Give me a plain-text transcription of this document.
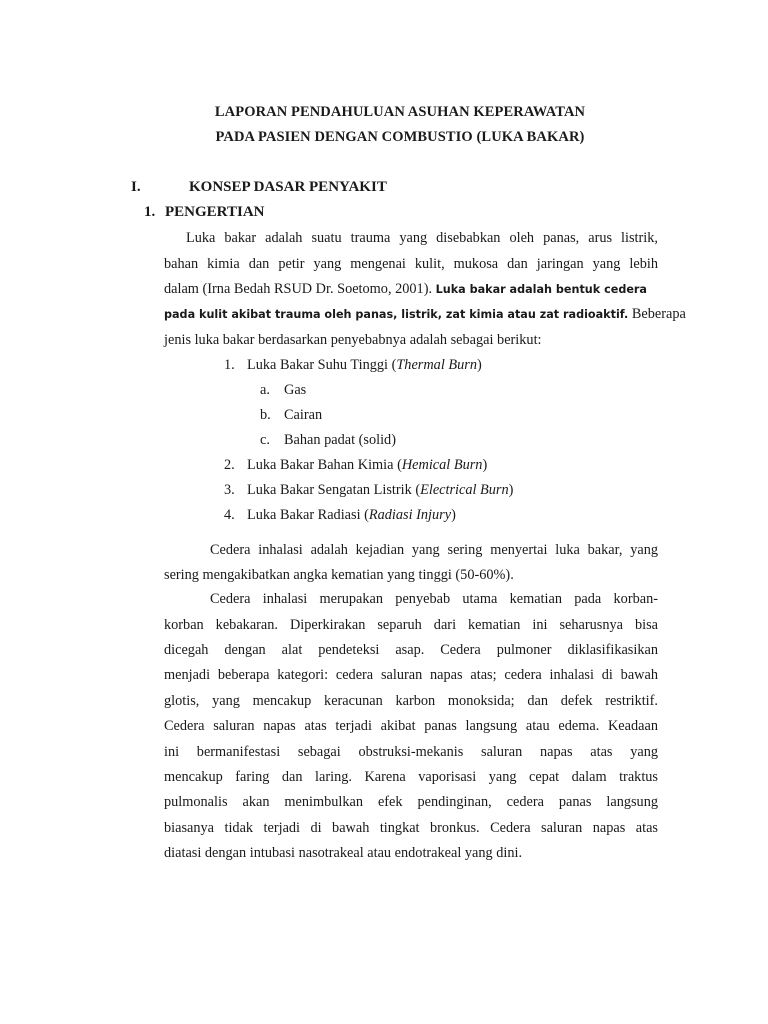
LAPORAN PENDAHULUAN ASUHAN KEPERAWATAN
PADA PASIEN DENGAN COMBUSTIO (LUKA BAKAR)
I.	KONSEP DASAR PENYAKIT
1. PENGERTIAN
Luka bakar adalah suatu trauma yang disebabkan oleh panas, arus listrik,
bahan kimia dan petir yang mengenai kulit, mukosa dan jaringan yang lebih
dalam (Irna Bedah RSUD Dr. Soetomo, 2001). Luka bakar adalah bentuk cedera
pada kulit akibat trauma oleh panas, listrik, zat kimia atau zat radioaktif. Beberapa
jenis luka bakar berdasarkan penyebabnya adalah sebagai berikut:
1. Luka Bakar Suhu Tinggi (Thermal Burn)
a. Gas
b. Cairan
c. Bahan padat (solid)
2. Luka Bakar Bahan Kimia (Hemical Burn)
3. Luka Bakar Sengatan Listrik (Electrical Burn)
4. Luka Bakar Radiasi (Radiasi Injury)
Cedera inhalasi adalah kejadian yang sering menyertai luka bakar, yang
sering mengakibatkan angka kematian yang tinggi (50-60%).
Cedera inhalasi merupakan penyebab utama kematian pada korban-
korban kebakaran. Diperkirakan separuh dari kematian ini seharusnya bisa
dicegah dengan alat pendeteksi asap. Cedera pulmoner diklasifikasikan
menjadi beberapa kategori: cedera saluran napas atas; cedera inhalasi di bawah
glotis, yang mencakup keracunan karbon monoksida; dan defek restriktif.
Cedera saluran napas atas terjadi akibat panas langsung atau edema. Keadaan
ini bermanifestasi sebagai obstruksi-mekanis saluran napas atas yang
mencakup faring dan laring. Karena vaporisasi yang cepat dalam traktus
pulmonalis akan menimbulkan efek pendinginan, cedera panas langsung
biasanya tidak terjadi di bawah tingkat bronkus. Cedera saluran napas atas
diatasi dengan intubasi nasotrakeal atau endotrakeal yang dini.
